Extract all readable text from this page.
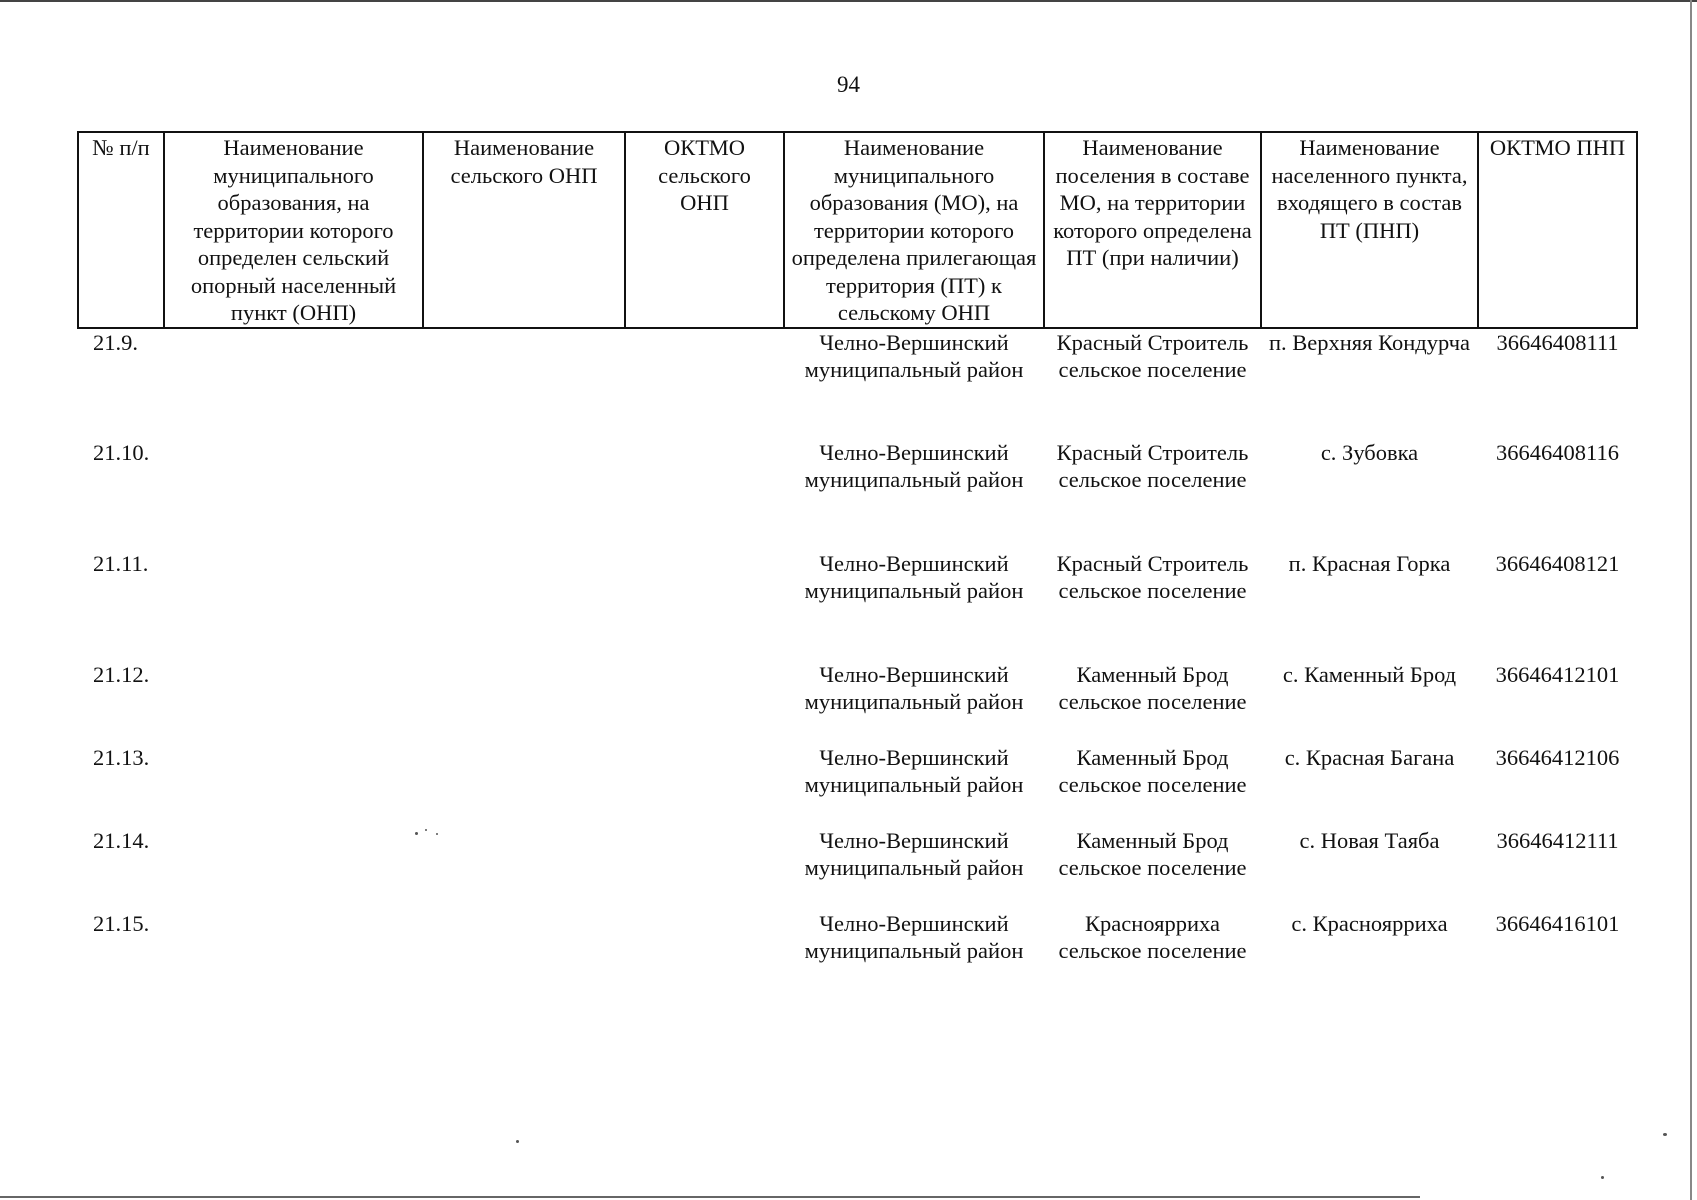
94
№ п/п	Наименование муниципального образования, на территории которого определен сельский опорный населенный пункт (ОНП)	Наименование сельского ОНП	ОКТМО сельского ОНП	Наименование муниципального образования (МО), на территории которого определена прилегающая территория (ПТ) к сельскому ОНП	Наименование поселения в составе МО, на территории которого определена ПТ (при наличии)	Наименование населенного пункта, входящего в состав ПТ (ПНП)	ОКТМО ПНП
21.9.				Челно-Вершинский муниципальный район	Красный Строитель сельское поселение	п. Верхняя Кондурча	36646408111
21.10.				Челно-Вершинский муниципальный район	Красный Строитель сельское поселение	с. Зубовка	36646408116
21.11.				Челно-Вершинский муниципальный район	Красный Строитель сельское поселение	п. Красная Горка	36646408121
21.12.				Челно-Вершинский муниципальный район	Каменный Брод сельское поселение	с. Каменный Брод	36646412101
21.13.				Челно-Вершинский муниципальный район	Каменный Брод сельское поселение	с. Красная Багана	36646412106
21.14.				Челно-Вершинский муниципальный район	Каменный Брод сельское поселение	с. Новая Таяба	36646412111
21.15.				Челно-Вершинский муниципальный район	Красноярриха сельское поселение	с. Красноярриха	36646416101
